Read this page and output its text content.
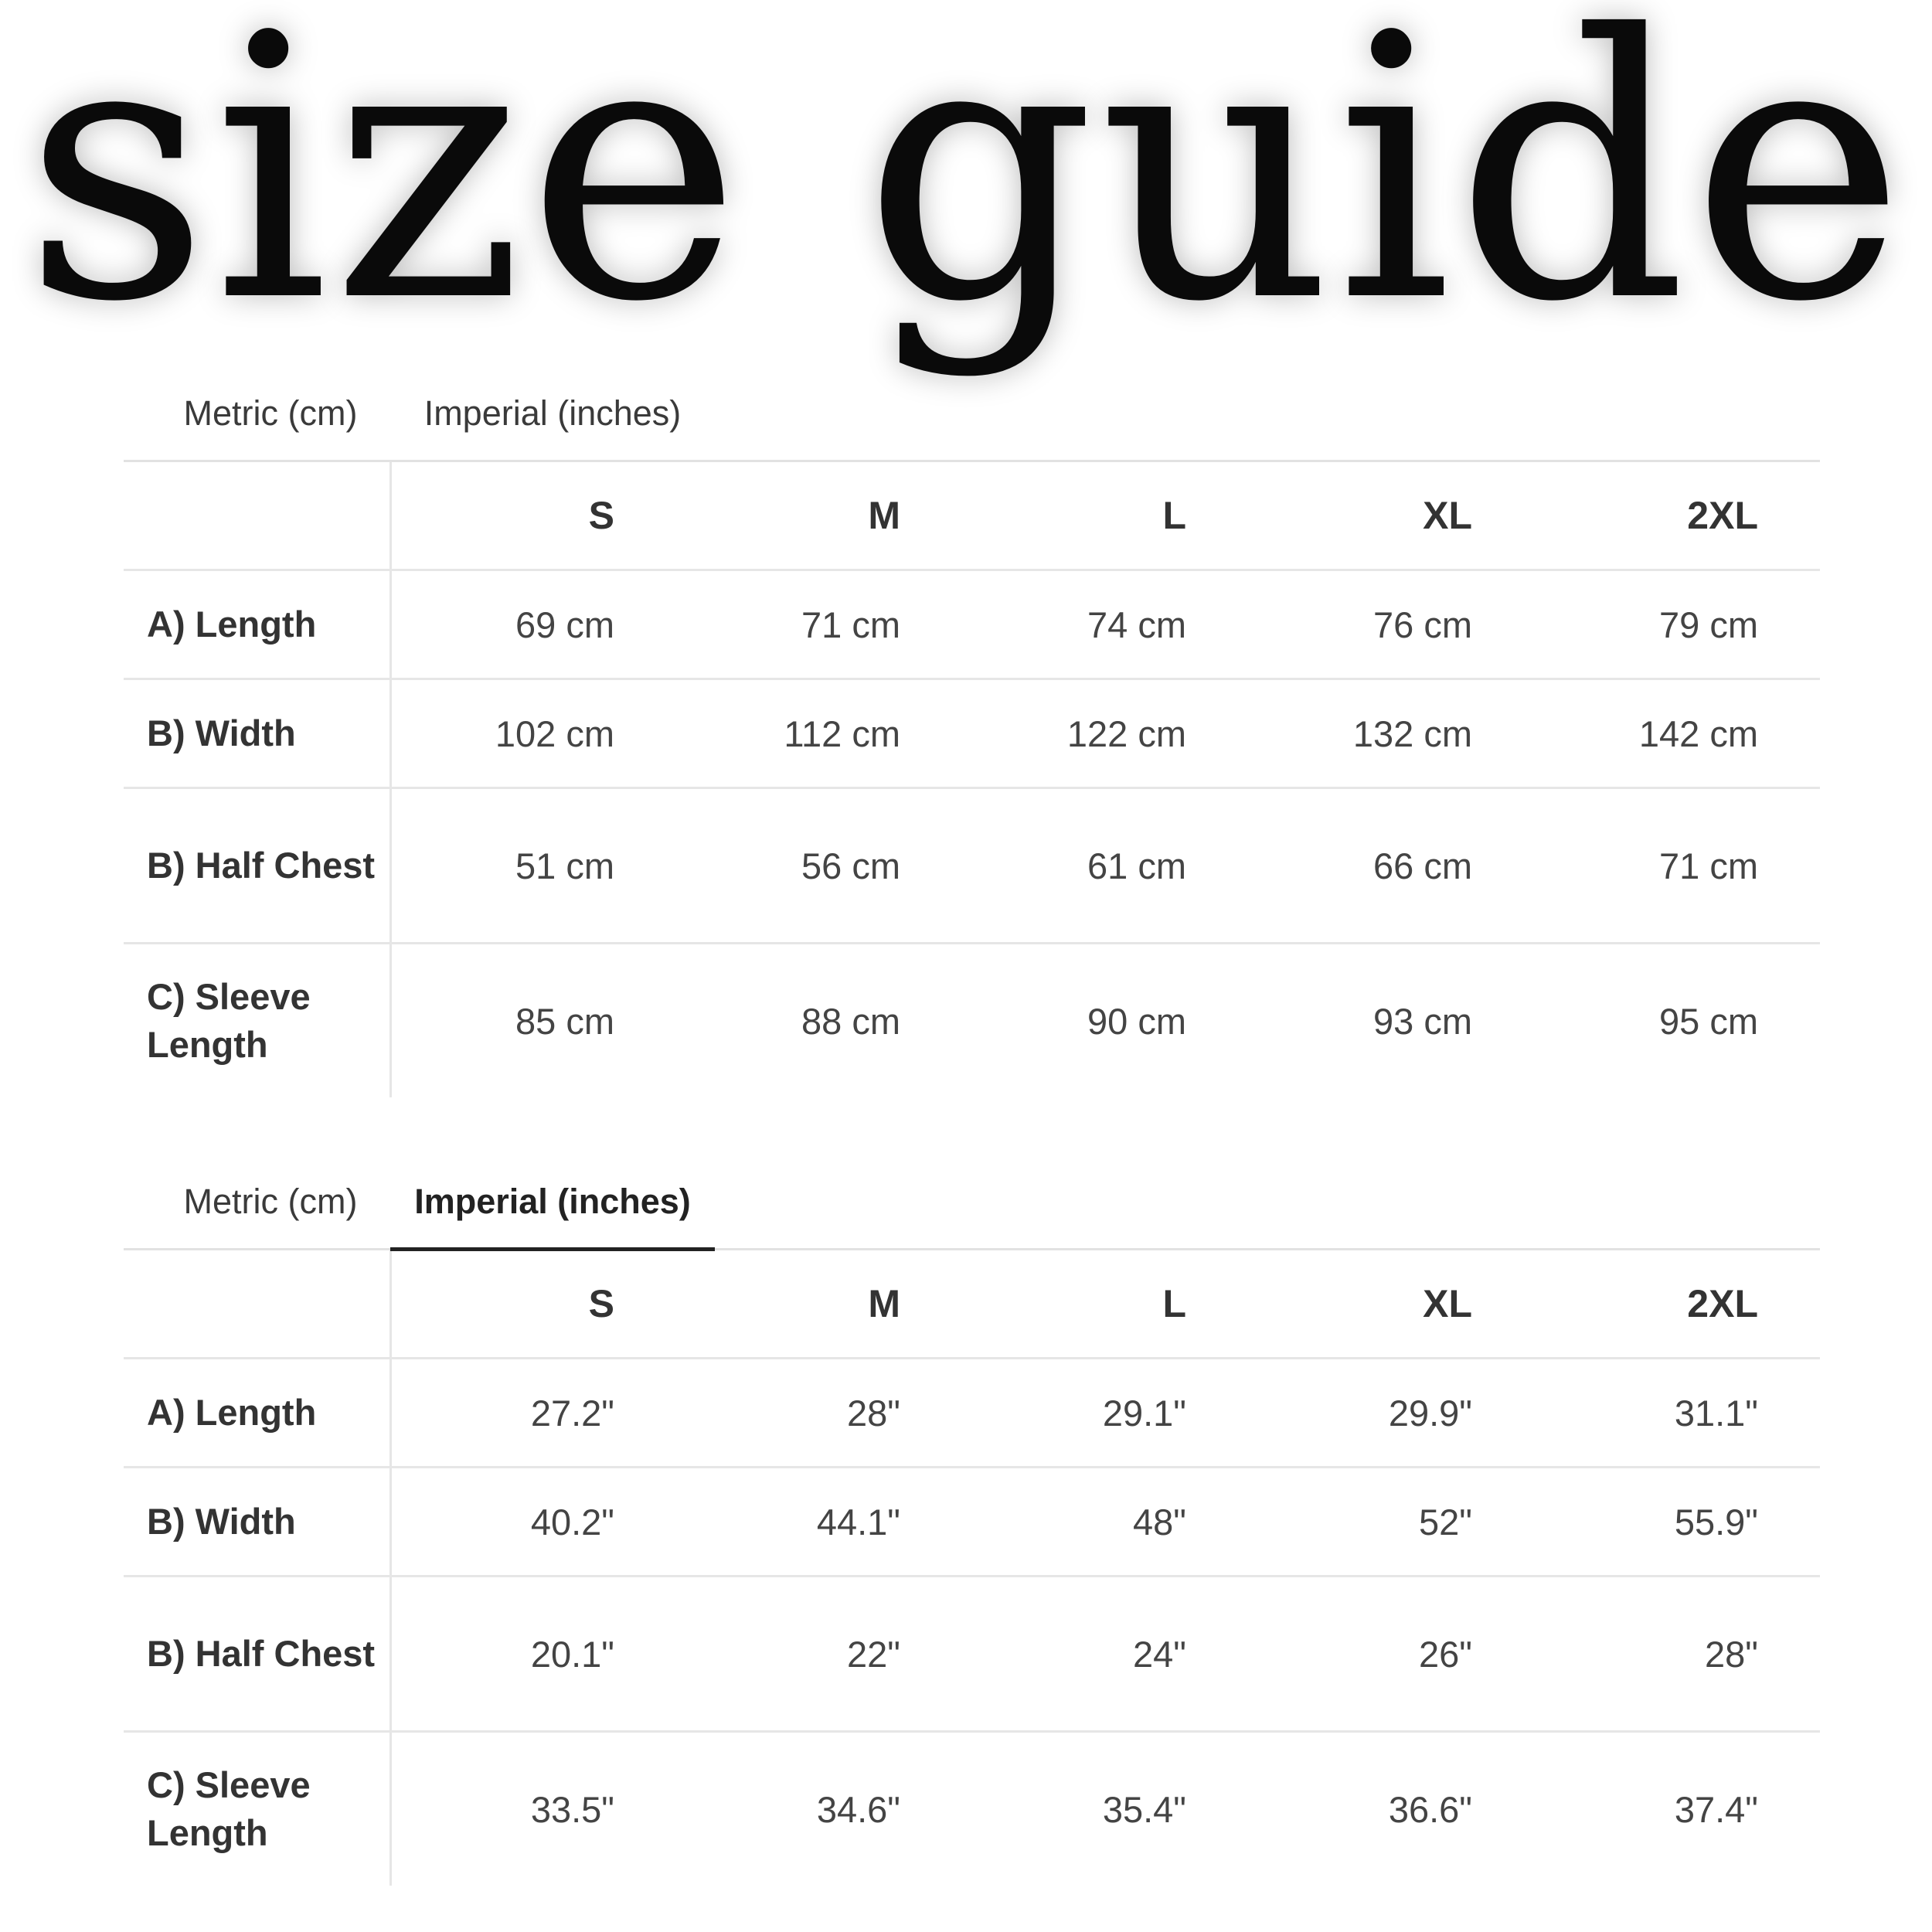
size guide
Metric (cm)	Imperial (inches)
	S	M	L	XL	2XL
A) Length	69 cm	71 cm	74 cm	76 cm	79 cm
B) Width	102 cm	112 cm	122 cm	132 cm	142 cm
B) Half Chest	51 cm	56 cm	61 cm	66 cm	71 cm
C) Sleeve Length	85 cm	88 cm	90 cm	93 cm	95 cm
Metric (cm)	Imperial (inches)
	S	M	L	XL	2XL
A) Length	27.2"	28"	29.1"	29.9"	31.1"
B) Width	40.2"	44.1"	48"	52"	55.9"
B) Half Chest	20.1"	22"	24"	26"	28"
C) Sleeve Length	33.5"	34.6"	35.4"	36.6"	37.4"
